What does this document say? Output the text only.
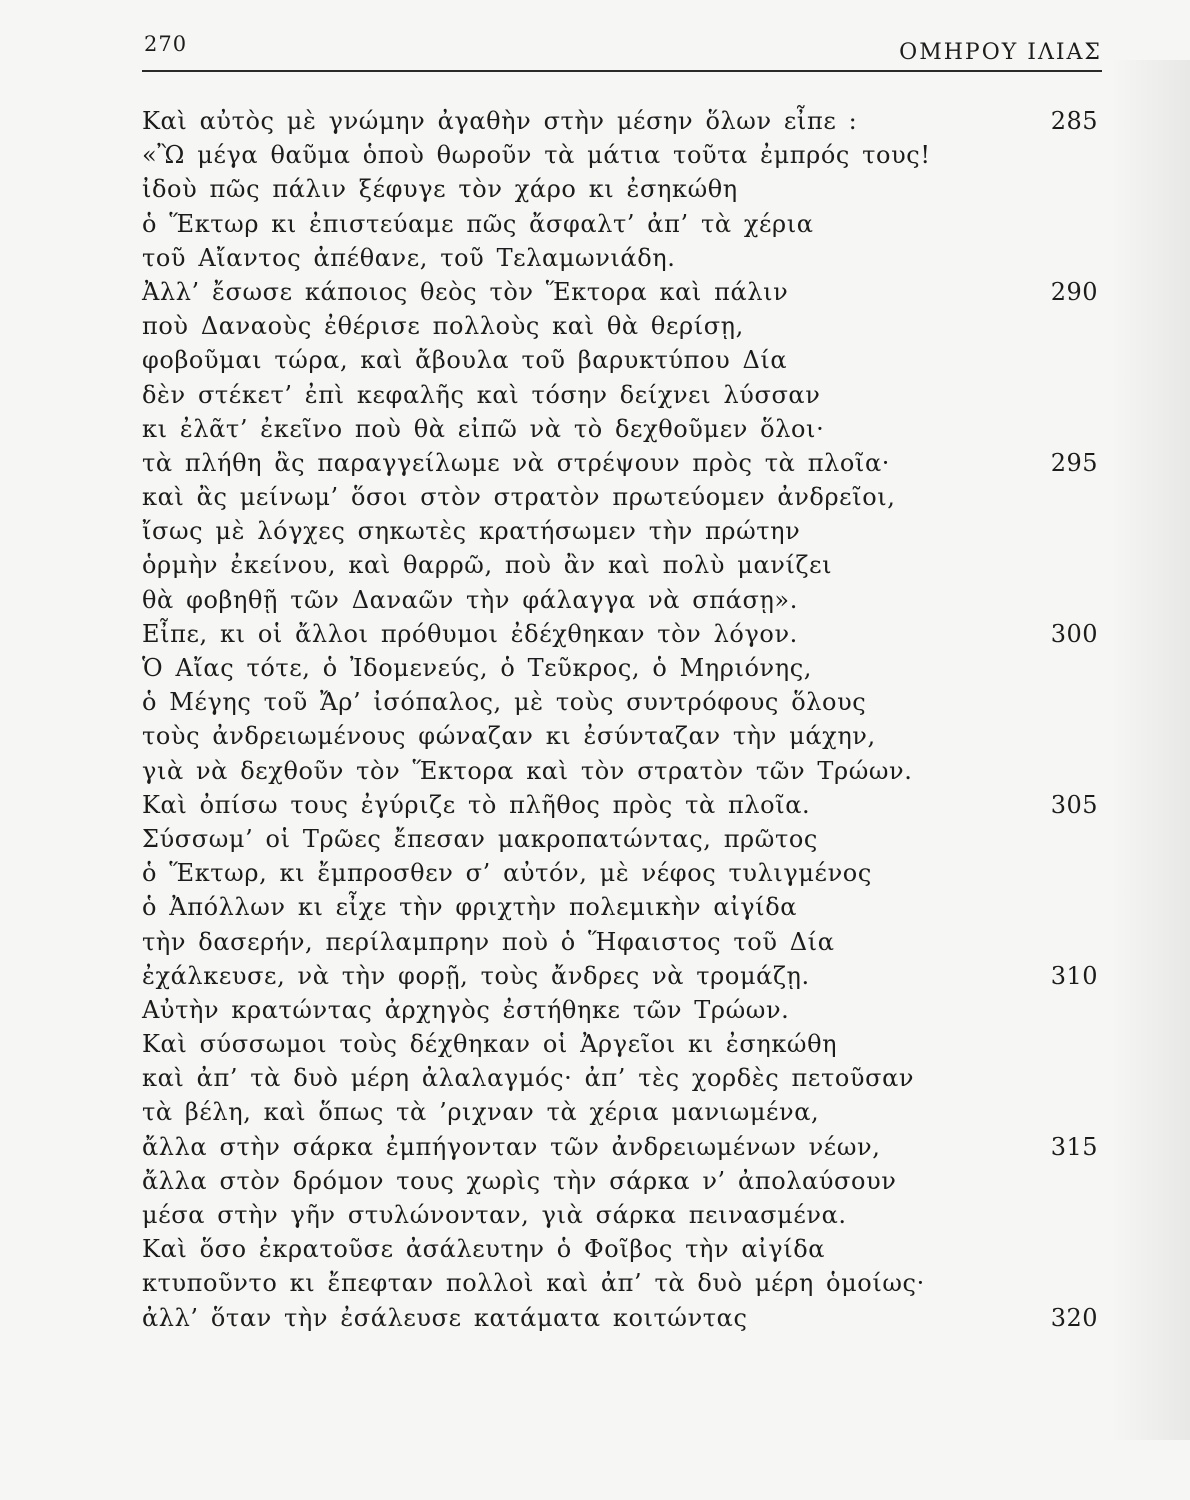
270	ΟΜΗΡΟΥ ΙΛΙΑΣ
Καὶ αὐτὸς μὲ γνώμην ἀγαθὴν στὴν μέσην ὅλων εἶπε :	285
«Ὢ μέγα θαῦμα ὁποὺ θωροῦν τὰ μάτια τοῦτα ἐμπρός τους!
ἰδοὺ πῶς πάλιν ξέφυγε τὸν χάρο κι ἐσηκώθη
ὁ Ἕκτωρ κι ἐπιστεύαμε πῶς ἄσφαλτ’ ἀπ’ τὰ χέρια
τοῦ Αἴαντος ἀπέθανε, τοῦ Τελαμωνιάδη.
Ἀλλ’ ἔσωσε κάποιος θεὸς τὸν Ἕκτορα καὶ πάλιν	290
ποὺ Δαναοὺς ἐθέρισε πολλοὺς καὶ θὰ θερίσῃ,
φοβοῦμαι τώρα, καὶ ἄβουλα τοῦ βαρυκτύπου Δία
δὲν στέκετ’ ἐπὶ κεφαλῆς καὶ τόσην δείχνει λύσσαν
κι ἐλᾶτ’ ἐκεῖνο ποὺ θὰ εἰπῶ νὰ τὸ δεχθοῦμεν ὅλοι·
τὰ πλήθη ἂς παραγγείλωμε νὰ στρέψουν πρὸς τὰ πλοῖα·	295
καὶ ἂς μείνωμ’ ὅσοι στὸν στρατὸν πρωτεύομεν ἀνδρεῖοι,
ἴσως μὲ λόγχες σηκωτὲς κρατήσωμεν τὴν πρώτην
ὁρμὴν ἐκείνου, καὶ θαρρῶ, ποὺ ἂν καὶ πολὺ μανίζει
θὰ φοβηθῇ τῶν Δαναῶν τὴν φάλαγγα νὰ σπάσῃ».
Εἶπε, κι οἱ ἄλλοι πρόθυμοι ἐδέχθηκαν τὸν λόγον.	300
Ὁ Αἴας τότε, ὁ Ἰδομενεύς, ὁ Τεῦκρος, ὁ Μηριόνης,
ὁ Μέγης τοῦ Ἄρ’ ἰσόπαλος, μὲ τοὺς συντρόφους ὅλους
τοὺς ἀνδρειωμένους φώναζαν κι ἐσύνταζαν τὴν μάχην,
γιὰ νὰ δεχθοῦν τὸν Ἕκτορα καὶ τὸν στρατὸν τῶν Τρώων.
Καὶ ὀπίσω τους ἐγύριζε τὸ πλῆθος πρὸς τὰ πλοῖα.	305
Σύσσωμ’ οἱ Τρῶες ἔπεσαν μακροπατώντας, πρῶτος
ὁ Ἕκτωρ, κι ἔμπροσθεν σ’ αὐτόν, μὲ νέφος τυλιγμένος
ὁ Ἀπόλλων κι εἶχε τὴν φριχτὴν πολεμικὴν αἰγίδα
τὴν δασερήν, περίλαμπρην ποὺ ὁ Ἥφαιστος τοῦ Δία
ἐχάλκευσε, νὰ τὴν φορῇ, τοὺς ἄνδρες νὰ τρομάζῃ.	310
Αὐτὴν κρατώντας ἀρχηγὸς ἐστήθηκε τῶν Τρώων.
Καὶ σύσσωμοι τοὺς δέχθηκαν οἱ Ἀργεῖοι κι ἐσηκώθη
καὶ ἀπ’ τὰ δυὸ μέρη ἀλαλαγμός· ἀπ’ τὲς χορδὲς πετοῦσαν
τὰ βέλη, καὶ ὅπως τὰ ’ριχναν τὰ χέρια μανιωμένα,
ἄλλα στὴν σάρκα ἐμπήγονταν τῶν ἀνδρειωμένων νέων,	315
ἄλλα στὸν δρόμον τους χωρὶς τὴν σάρκα ν’ ἀπολαύσουν
μέσα στὴν γῆν στυλώνονταν, γιὰ σάρκα πεινασμένα.
Καὶ ὅσο ἐκρατοῦσε ἀσάλευτην ὁ Φοῖβος τὴν αἰγίδα
κτυποῦντο κι ἔπεφταν πολλοὶ καὶ ἀπ’ τὰ δυὸ μέρη ὁμοίως·
ἀλλ’ ὅταν τὴν ἐσάλευσε κατάματα κοιτώντας	320
